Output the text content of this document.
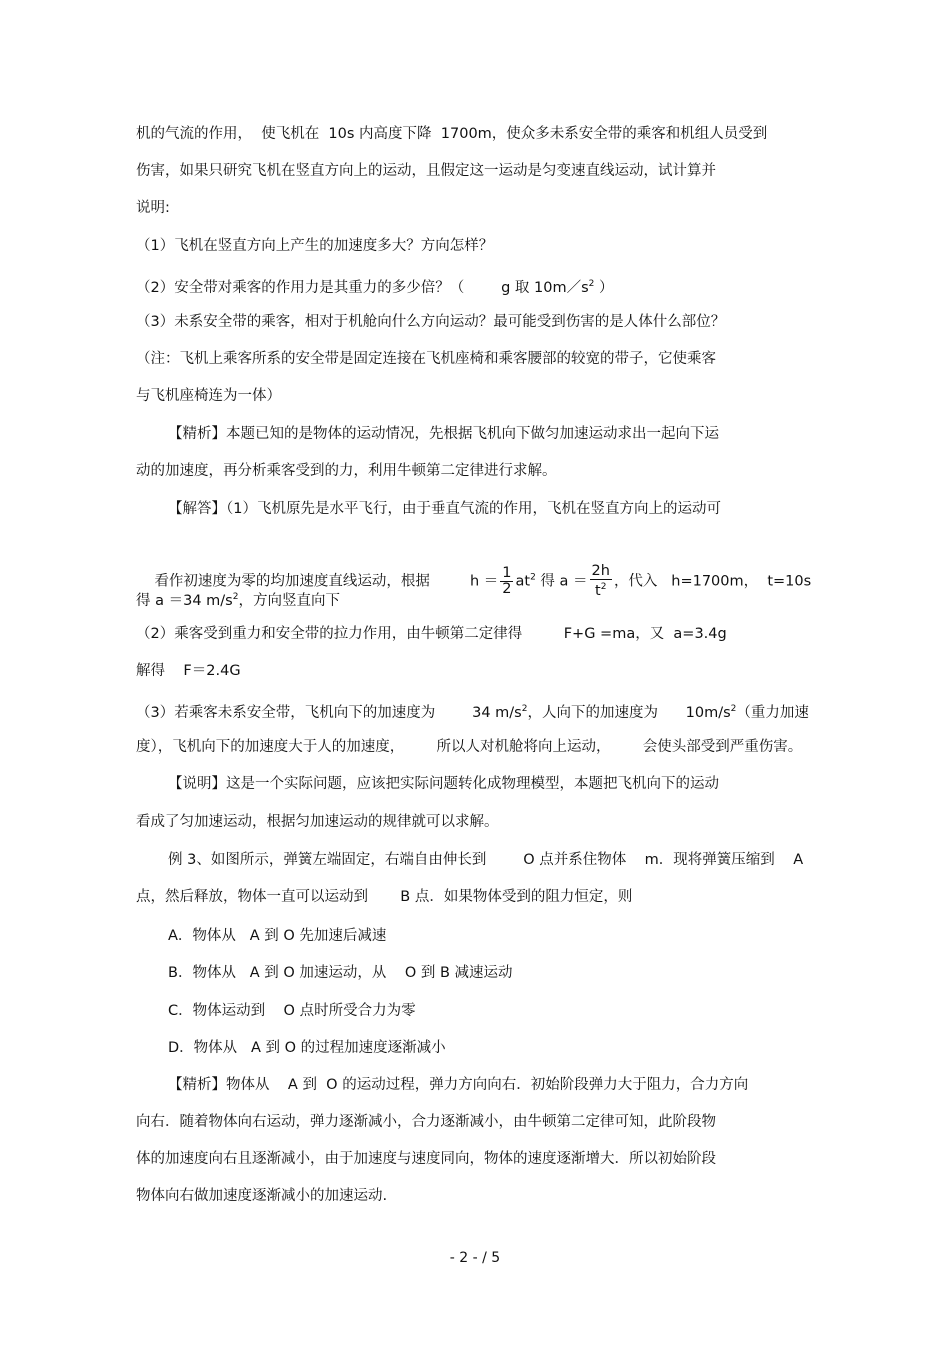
机的气流的作用，  使飞机在  10s 内高度下降  1700m，使众多未系安全带的乘客和机组人员受到
伤害，如果只研究飞机在竖直方向上的运动，且假定这一运动是匀变速直线运动，试计算并
说明:
（1）飞机在竖直方向上产生的加速度多大？方向怎样？
（2）安全带对乘客的作用力是其重力的多少倍？（        g 取 $10m/s^2$ ）
（3）未系安全带的乘客，相对于机舱向什么方向运动？最可能受到伤害的是人体什么部位？
（注：飞机上乘客所系的安全带是固定连接在飞机座椅和乘客腰部的较宽的带子，它使乘客
与飞机座椅连为一体）
【精析】本题已知的是物体的运动情况，先根据飞机向下做匀加速运动求出一起向下运
动的加速度，再分析乘客受到的力，利用牛顿第二定律进行求解。
【解答】（1）飞机原先是水平飞行，由于垂直气流的作用，飞机在竖直方向上的运动可

看作初速度为零的均加速度直线运动，根据	$h = \frac{1}{2} at^2$ 得 $a = \frac{2h}{t^2}$ ，代入   h=1700m，  t=10s

得 a ＝34 $m/s^2$，方向竖直向下
（2）乘客受到重力和安全带的拉力作用，由牛顿第二定律得         F+G =ma，又  a=3.4g
解得    F＝2.4G
（3）若乘客未系安全带，飞机向下的加速度为        34 $m/s^2$，人向下的加速度为      $10m/s^2$（重力加速
度），飞机向下的加速度大于人的加速度，       所以人对机舱将向上运动，       会使头部受到严重伤害。
【说明】这是一个实际问题，应该把实际问题转化成物理模型，本题把飞机向下的运动
看成了匀加速运动，根据匀加速运动的规律就可以求解。
例 3、如图所示，弹簧左端固定，右端自由伸长到        O 点并系住物体    m．现将弹簧压缩到    A
点，然后释放，物体一直可以运动到       B 点．如果物体受到的阻力恒定，则
A．物体从   A 到 O 先加速后减速
B．物体从   A 到 O 加速运动，从    O 到 B 减速运动
C．物体运动到    O 点时所受合力为零
D．物体从   A 到 O 的过程加速度逐渐减小
【精析】物体从    A 到  O 的运动过程，弹力方向向右．初始阶段弹力大于阻力，合力方向
向右．随着物体向右运动，弹力逐渐减小，合力逐渐减小，由牛顿第二定律可知，此阶段物
体的加速度向右且逐渐减小，由于加速度与速度同向，物体的速度逐渐增大．所以初始阶段
物体向右做加速度逐渐减小的加速运动.
- 2 - / 5
